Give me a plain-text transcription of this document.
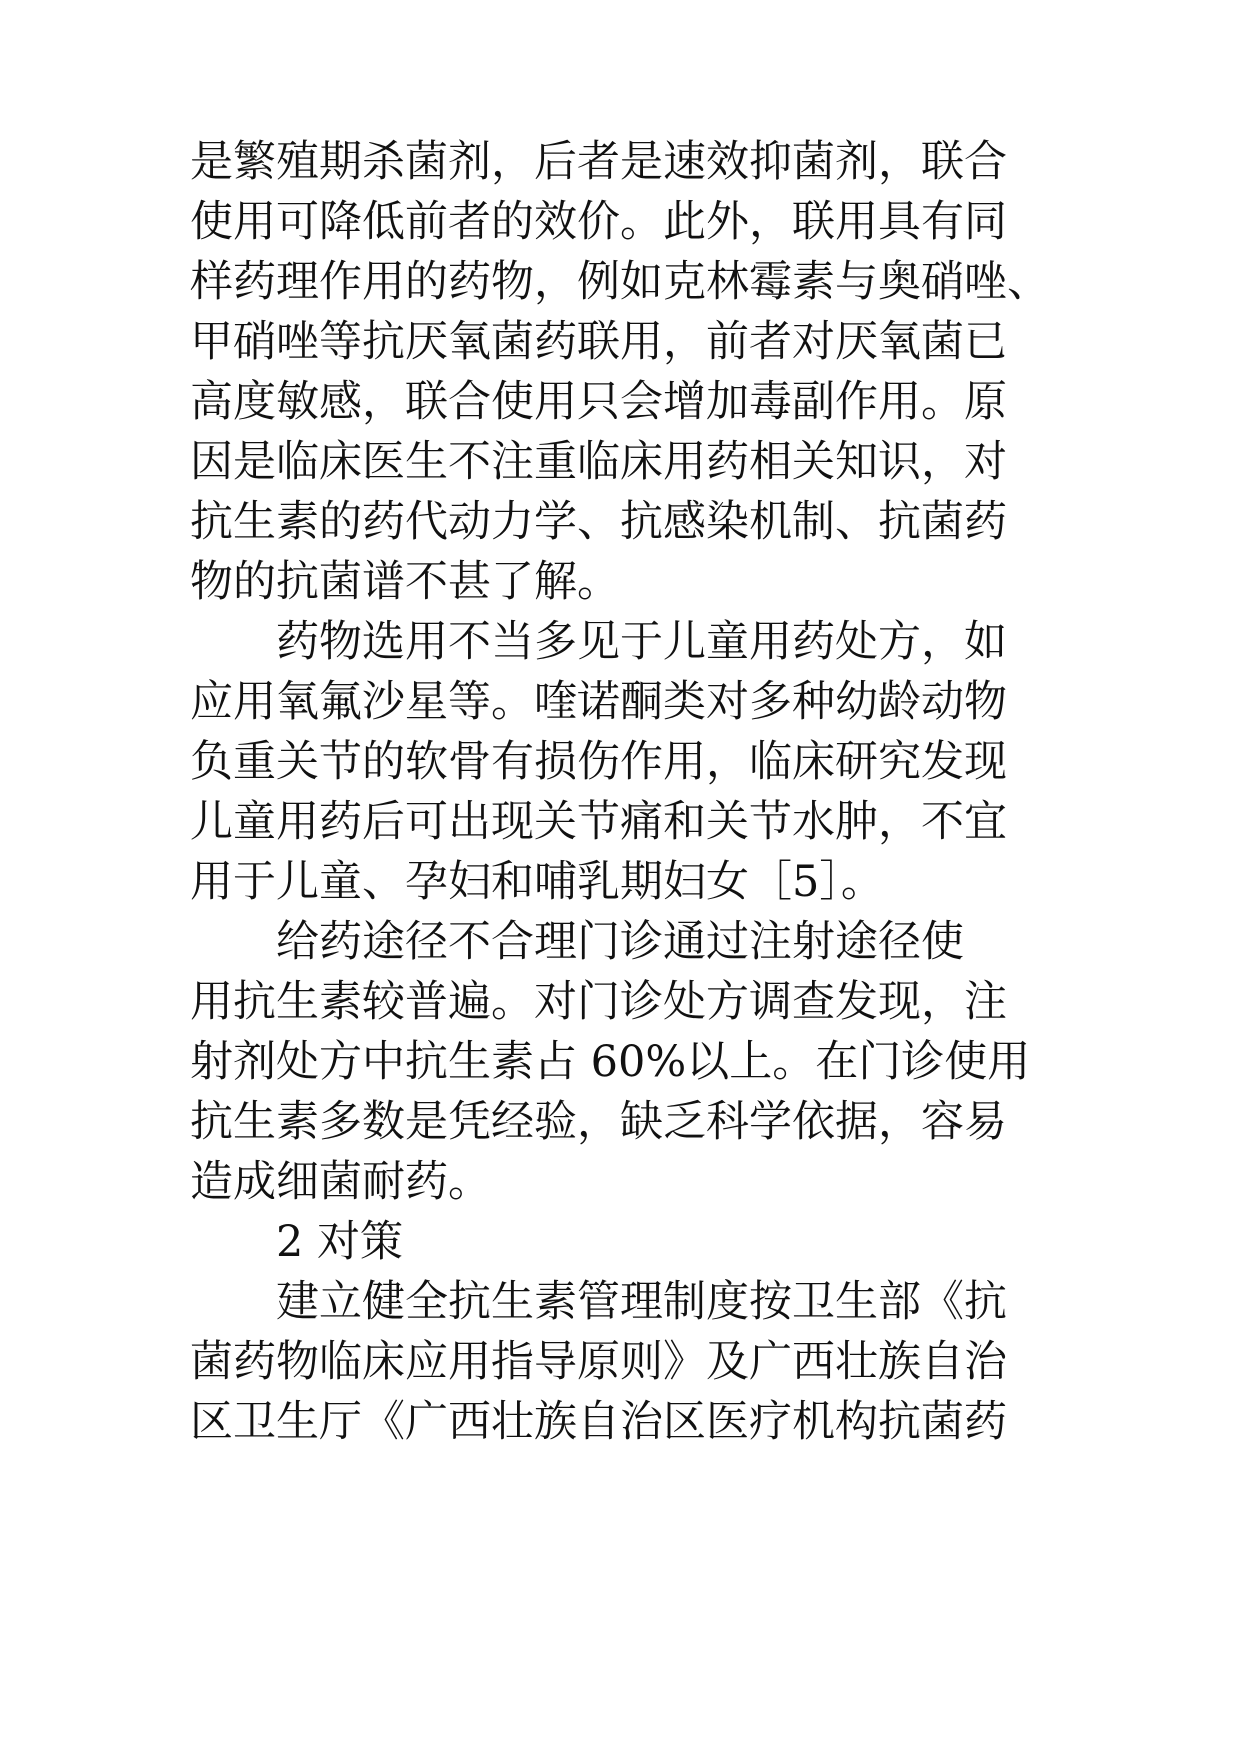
是繁殖期杀菌剂，后者是速效抑菌剂，联合
使用可降低前者的效价。此外，联用具有同
样药理作用的药物，例如克林霉素与奥硝唑、
甲硝唑等抗厌氧菌药联用，前者对厌氧菌已
高度敏感，联合使用只会增加毒副作用。原
因是临床医生不注重临床用药相关知识，对
抗生素的药代动力学、抗感染机制、抗菌药
物的抗菌谱不甚了解。
药物选用不当多见于儿童用药处方，如
应用氧氟沙星等。喹诺酮类对多种幼龄动物
负重关节的软骨有损伤作用，临床研究发现
儿童用药后可出现关节痛和关节水肿，不宜
用于儿童、孕妇和哺乳期妇女［5］。
给药途径不合理门诊通过注射途径使
用抗生素较普遍。对门诊处方调查发现，注
射剂处方中抗生素占 60%以上。在门诊使用
抗生素多数是凭经验，缺乏科学依据，容易
造成细菌耐药。
2 对策
建立健全抗生素管理制度按卫生部《抗
菌药物临床应用指导原则》及广西壮族自治
区卫生厅《广西壮族自治区医疗机构抗菌药
